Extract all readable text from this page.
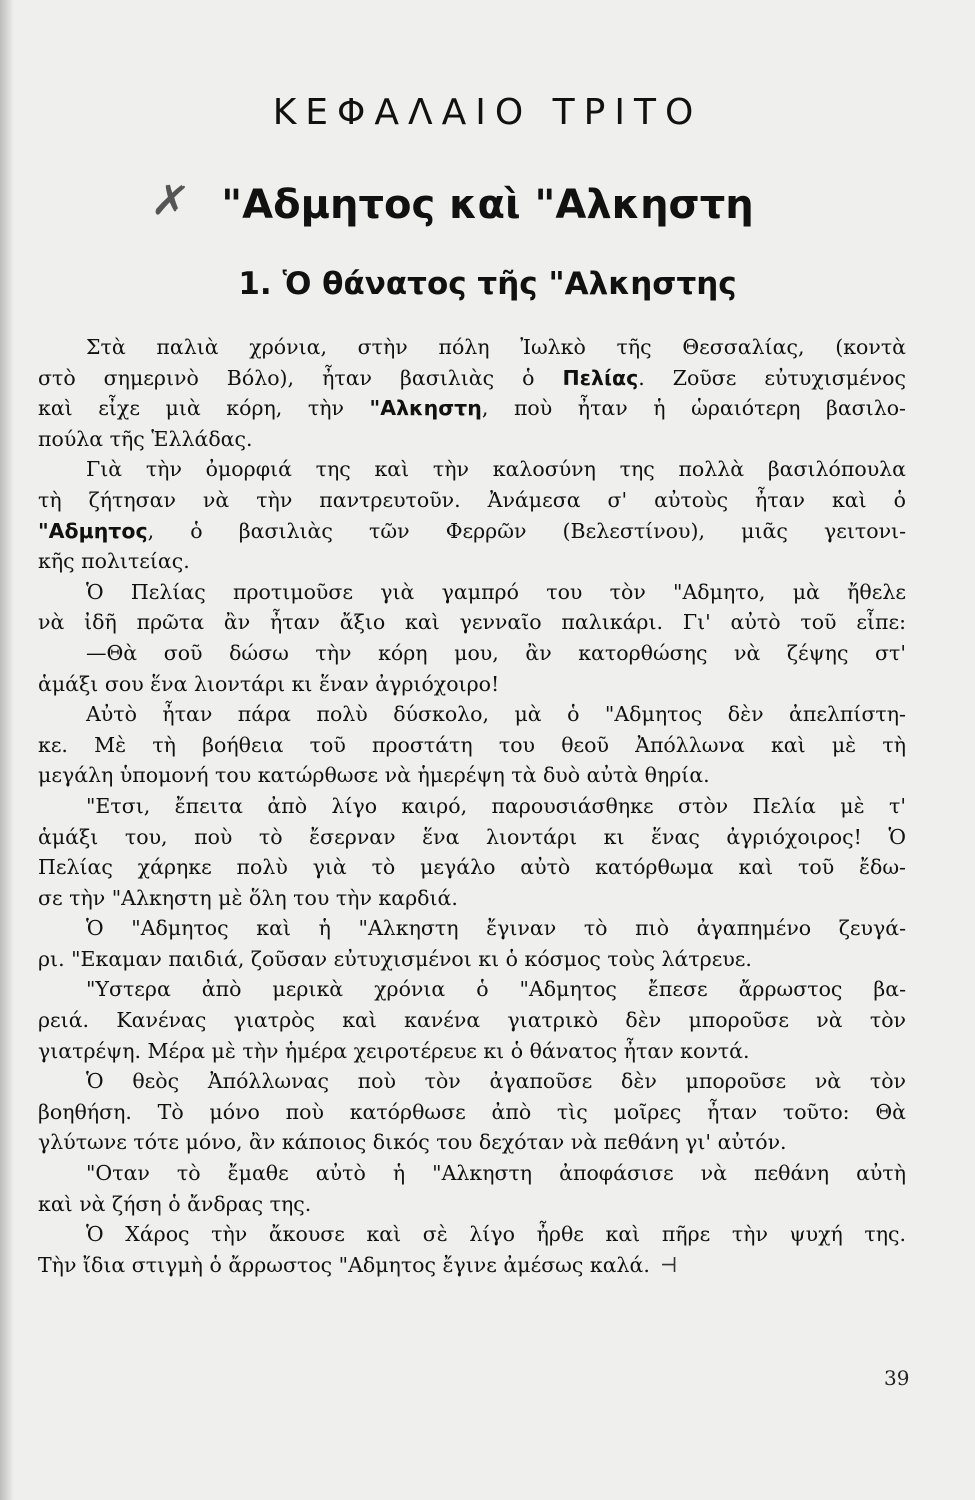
ΚΕΦΑΛΑΙΟ ΤΡΙΤΟ
✗ "Αδμητος καὶ "Αλκηστη
1. Ὁ θάνατος τῆς "Αλκηστης
Στὰ παλιὰ χρόνια, στὴν πόλη Ἰωλκὸ τῆς Θεσσαλίας, (κοντὰ
στὸ σημερινὸ Βόλο), ἦταν βασιλιὰς ὁ Πελίας. Ζοῦσε εὐτυχισμένος
καὶ εἶχε μιὰ κόρη, τὴν "Αλκηστη, ποὺ ἦταν ἡ ὡραιότερη βασιλο-
πούλα τῆς Ἑλλάδας.
Γιὰ τὴν ὀμορφιά της καὶ τὴν καλοσύνη της πολλὰ βασιλόπουλα
τὴ ζήτησαν νὰ τὴν παντρευτοῦν. Ἀνάμεσα σ' αὐτοὺς ἦταν καὶ ὁ
"Αδμητος, ὁ βασιλιὰς τῶν Φερρῶν (Βελεστίνου), μιᾶς γειτονι-
κῆς πολιτείας.
Ὁ Πελίας προτιμοῦσε γιὰ γαμπρό του τὸν "Αδμητο, μὰ ἤθελε
νὰ ἰδῆ πρῶτα ἂν ἦταν ἄξιο καὶ γενναῖο παλικάρι. Γι' αὐτὸ τοῦ εἶπε:
—Θὰ σοῦ δώσω τὴν κόρη μου, ἂν κατορθώσης νὰ ζέψης στ'
ἁμάξι σου ἕνα λιοντάρι κι ἕναν ἀγριόχοιρο!
Αὐτὸ ἦταν πάρα πολὺ δύσκολο, μὰ ὁ "Αδμητος δὲν ἀπελπίστη-
κε. Μὲ τὴ βοήθεια τοῦ προστάτη του θεοῦ Ἀπόλλωνα καὶ μὲ τὴ
μεγάλη ὑπομονή του κατώρθωσε νὰ ἡμερέψη τὰ δυὸ αὐτὰ θηρία.
"Ετσι, ἔπειτα ἀπὸ λίγο καιρό, παρουσιάσθηκε στὸν Πελία μὲ τ'
ἁμάξι του, ποὺ τὸ ἔσερναν ἕνα λιοντάρι κι ἕνας ἀγριόχοιρος! Ὁ
Πελίας χάρηκε πολὺ γιὰ τὸ μεγάλο αὐτὸ κατόρθωμα καὶ τοῦ ἔδω-
σε τὴν "Αλκηστη μὲ ὅλη του τὴν καρδιά.
Ὁ "Αδμητος καὶ ἡ "Αλκηστη ἔγιναν τὸ πιὸ ἀγαπημένο ζευγά-
ρι. "Εκαμαν παιδιά, ζοῦσαν εὐτυχισμένοι κι ὁ κόσμος τοὺς λάτρευε.
"Υστερα ἀπὸ μερικὰ χρόνια ὁ "Αδμητος ἔπεσε ἄρρωστος βα-
ρειά. Κανένας γιατρὸς καὶ κανένα γιατρικὸ δὲν μποροῦσε νὰ τὸν
γιατρέψη. Μέρα μὲ τὴν ἡμέρα χειροτέρευε κι ὁ θάνατος ἦταν κοντά.
Ὁ θεὸς Ἀπόλλωνας ποὺ τὸν ἀγαποῦσε δὲν μποροῦσε νὰ τὸν
βοηθήση. Τὸ μόνο ποὺ κατόρθωσε ἀπὸ τὶς μοῖρες ἦταν τοῦτο: Θὰ
γλύτωνε τότε μόνο, ἂν κάποιος δικός του δεχόταν νὰ πεθάνη γι' αὐτόν.
"Οταν τὸ ἔμαθε αὐτὸ ἡ "Αλκηστη ἀποφάσισε νὰ πεθάνη αὐτὴ
καὶ νὰ ζήση ὁ ἄνδρας της.
Ὁ Χάρος τὴν ἄκουσε καὶ σὲ λίγο ἦρθε καὶ πῆρε τὴν ψυχή της.
Τὴν ἴδια στιγμὴ ὁ ἄρρωστος "Αδμητος ἔγινε ἀμέσως καλά. ⊣
39
